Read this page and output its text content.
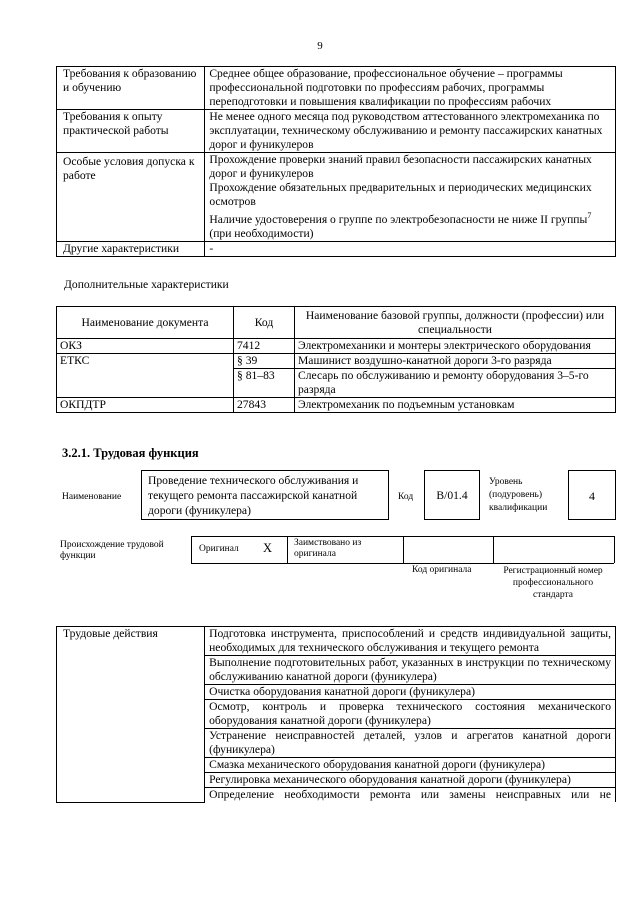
9
Требования к образованию и обучению	Среднее общее образование, профессиональное обучение – программы профессиональной подготовки по профессиям рабочих, программы переподготовки и повышения квалификации по профессиям рабочих
Требования к опыту практической работы	Не менее одного месяца под руководством аттестованного электромеханика по эксплуатации, техническому обслуживанию и ремонту пассажирских канатных дорог и фуникулеров
Особые условия допуска к работе	Прохождение проверки знаний правил безопасности пассажирских канатных дорог и фуникулеров
Прохождение обязательных предварительных и периодических медицинских осмотров
Наличие удостоверения о группе по электробезопасности не ниже II группы$^7$ (при необходимости)

Другие характеристики	-
Дополнительные характеристики
Наименование документа	Код	Наименование базовой группы, должности (профессии) или специальности
ОКЗ	7412	Электромеханики и монтеры электрического оборудования
ЕТКС	§ 39	Машинист воздушно-канатной дороги 3-го разряда
	§ 81–83	Слесарь по обслуживанию и ремонту оборудования 3–5-го разряда
ОКПДТР	27843	Электромеханик по подъемным установкам
3.2.1. Трудовая функция
Наименование
Проведение технического обслуживания и текущего ремонта пассажирской канатной дороги (фуникулера)
Код	B/01.4
Уровень (подуровень) квалификации
4
Происхождение трудовой функции
Оригинал X Заимствовано из оригинала
Код оригинала	Регистрационный номер профессионального стандарта
Трудовые действия	Подготовка инструмента, приспособлений и средств индивидуальной защиты, необходимых для технического обслуживания и текущего ремонта
Выполнение подготовительных работ, указанных в инструкции по техническому обслуживанию канатной дороги (фуникулера)
Очистка оборудования канатной дороги (фуникулера)
Осмотр, контроль и проверка технического состояния механического оборудования канатной дороги (фуникулера)
Устранение неисправностей деталей, узлов и агрегатов канатной дороги (фуникулера)
Смазка механического оборудования канатной дороги (фуникулера)
Регулировка механического оборудования канатной дороги (фуникулера)
Определение необходимости ремонта или замены неисправных или не
